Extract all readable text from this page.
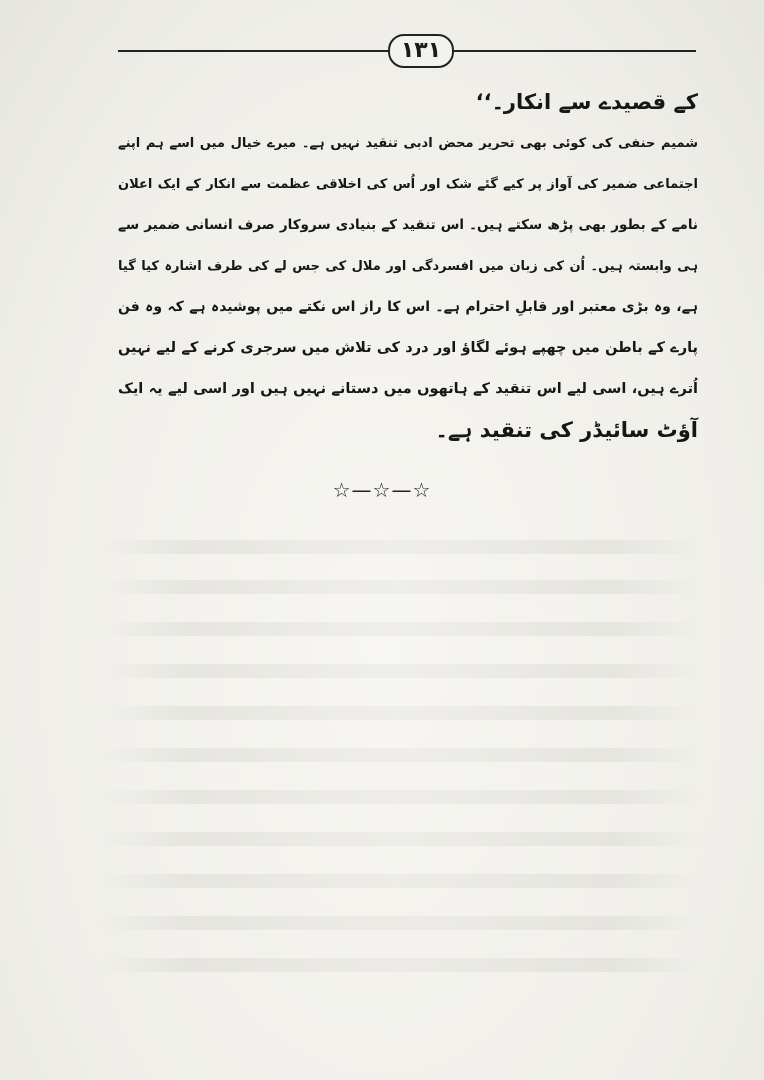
۱۳۱

کے قصیدے سے انکار۔‘‘
شمیم حنفی کی کوئی بھی تحریر محض ادبی تنقید نہیں ہے۔ میرے خیال میں اسے ہم اپنے
اجتماعی ضمیر کی آواز پر کیے گئے شک اور اُس کی اخلاقی عظمت سے انکار کے ایک اعلان
نامے کے بطور بھی پڑھ سکتے ہیں۔ اس تنقید کے بنیادی سروکار صرف انسانی ضمیر سے
ہی وابستہ ہیں۔ اُن کی زبان میں افسردگی اور ملال کی جس لے کی طرف اشارہ کیا گیا
ہے، وہ بڑی معتبر اور قابلِ احترام ہے۔ اس کا راز اس نکتے میں پوشیدہ ہے کہ وہ فن
پارے کے باطن میں چھپے ہوئے لگاؤ اور درد کی تلاش میں سرجری کرنے کے لیے نہیں
اُترے ہیں، اسی لیے اس تنقید کے ہاتھوں میں دستانے نہیں ہیں اور اسی لیے یہ ایک
آؤٹ سائیڈر کی تنقید ہے۔

☆—☆—☆
